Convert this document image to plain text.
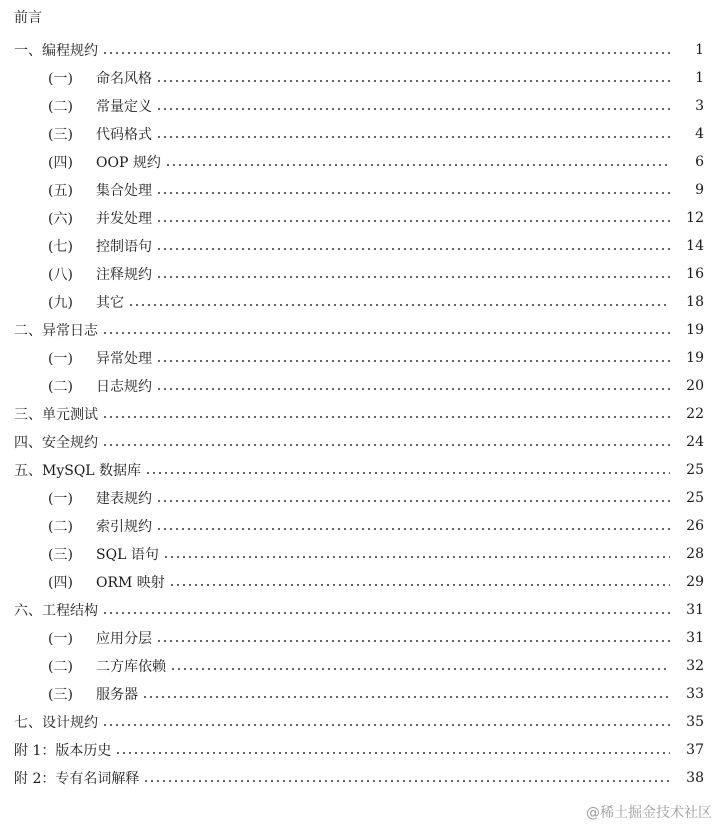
前言
一、编程规约	1
(一)	命名风格	1
(二)	常量定义	3
(三)	代码格式	4
(四)	OOP 规约	6
(五)	集合处理	9
(六)	并发处理	12
(七)	控制语句	14
(八)	注释规约	16
(九)	其它	18
二、异常日志	19
(一)	异常处理	19
(二)	日志规约	20
三、单元测试	22
四、安全规约	24
五、MySQL 数据库	25
(一)	建表规约	25
(二)	索引规约	26
(三)	SQL 语句	28
(四)	ORM 映射	29
六、工程结构	31
(一)	应用分层	31
(二)	二方库依赖	32
(三)	服务器	33
七、设计规约	35
附 1：版本历史	37
附 2：专有名词解释	38
@稀土掘金技术社区
